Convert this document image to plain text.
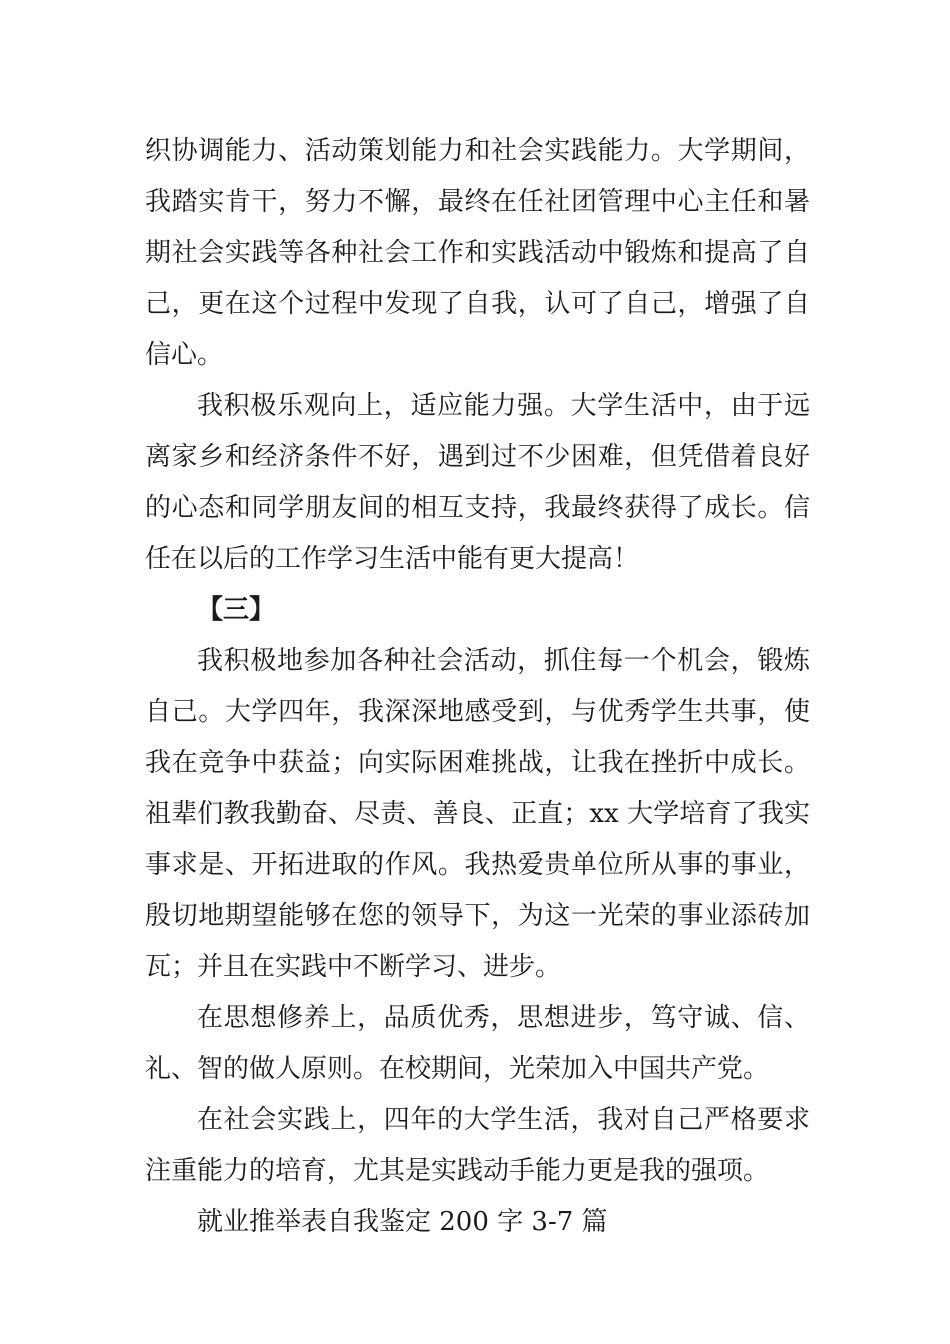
织协调能力、活动策划能力和社会实践能力。大学期间，
我踏实肯干，努力不懈，最终在任社团管理中心主任和暑
期社会实践等各种社会工作和实践活动中锻炼和提高了自
己，更在这个过程中发现了自我，认可了自己，增强了自
信心。
我积极乐观向上，适应能力强。大学生活中，由于远
离家乡和经济条件不好，遇到过不少困难，但凭借着良好
的心态和同学朋友间的相互支持，我最终获得了成长。信
任在以后的工作学习生活中能有更大提高！
【三】
我积极地参加各种社会活动，抓住每一个机会，锻炼
自己。大学四年，我深深地感受到，与优秀学生共事，使
我在竞争中获益；向实际困难挑战，让我在挫折中成长。
祖辈们教我勤奋、尽责、善良、正直；xx 大学培育了我实
事求是、开拓进取的作风。我热爱贵单位所从事的事业，
殷切地期望能够在您的领导下，为这一光荣的事业添砖加
瓦；并且在实践中不断学习、进步。
在思想修养上，品质优秀，思想进步，笃守诚、信、
礼、智的做人原则。在校期间，光荣加入中国共产党。
在社会实践上，四年的大学生活，我对自己严格要求
注重能力的培育，尤其是实践动手能力更是我的强项。
就业推举表自我鉴定 200 字 3-7 篇
